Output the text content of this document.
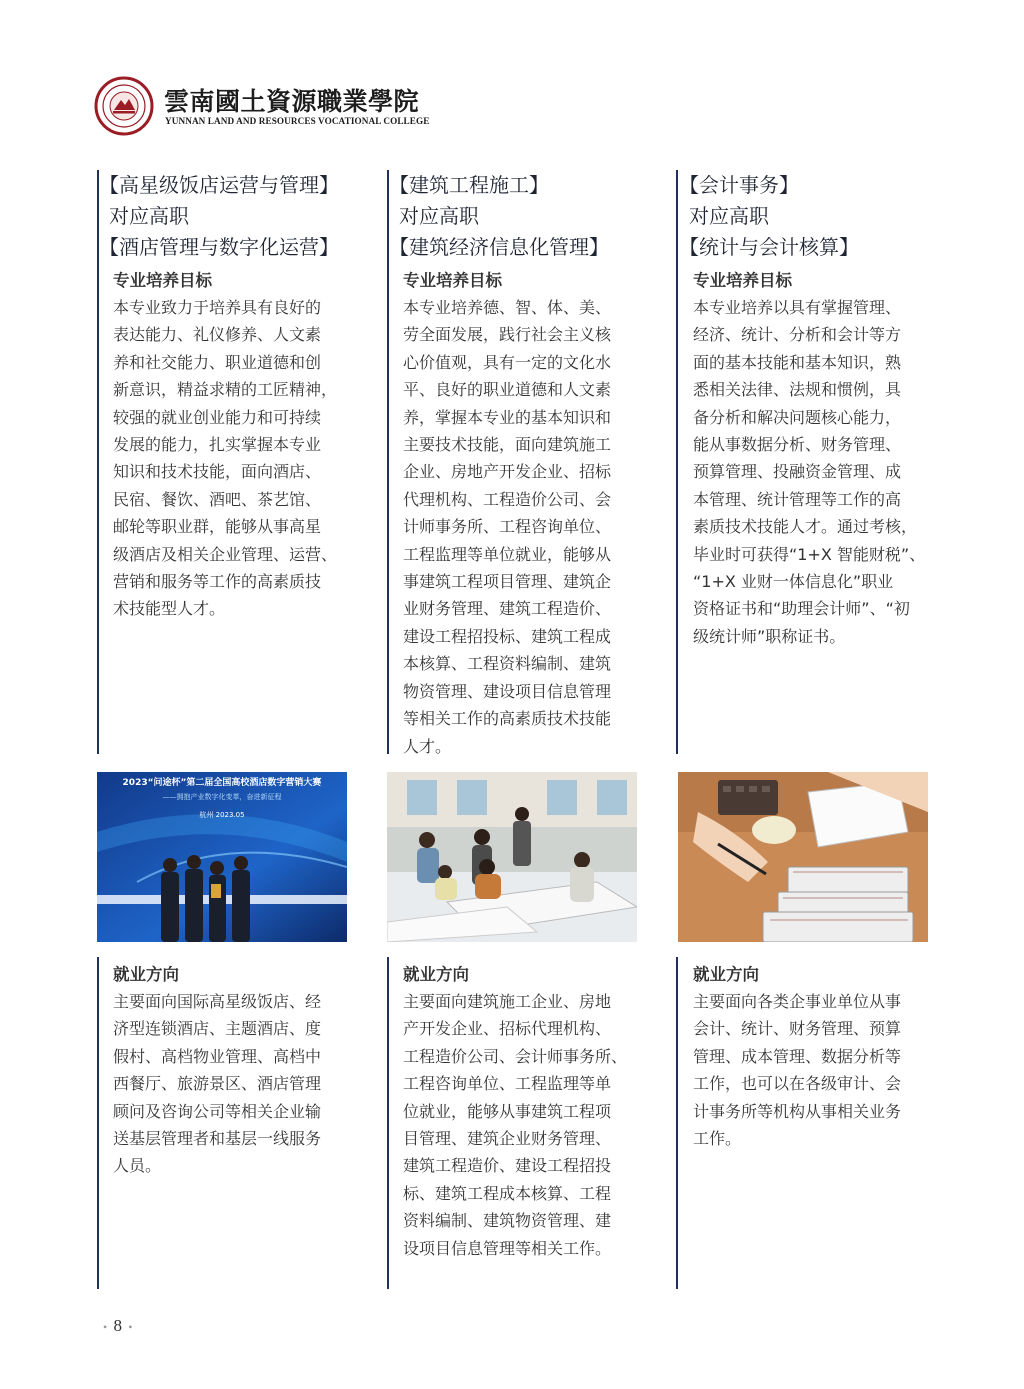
雲南國土資源職業學院
YUNNAN LAND AND RESOURCES VOCATIONAL COLLEGE
【高星级饭店运营与管理】
对应高职
【酒店管理与数字化运营】
专业培养目标
本专业致力于培养具有良好的
表达能力、礼仪修养、人文素
养和社交能力、职业道德和创
新意识，精益求精的工匠精神，
较强的就业创业能力和可持续
发展的能力，扎实掌握本专业
知识和技术技能，面向酒店、
民宿、餐饮、酒吧、茶艺馆、
邮轮等职业群，能够从事高星
级酒店及相关企业管理、运营、
营销和服务等工作的高素质技
术技能型人才。
【建筑工程施工】
对应高职
【建筑经济信息化管理】
专业培养目标
本专业培养德、智、体、美、
劳全面发展，践行社会主义核
心价值观，具有一定的文化水
平、良好的职业道德和人文素
养，掌握本专业的基本知识和
主要技术技能，面向建筑施工
企业、房地产开发企业、招标
代理机构、工程造价公司、会
计师事务所、工程咨询单位、
工程监理等单位就业，能够从
事建筑工程项目管理、建筑企
业财务管理、建筑工程造价、
建设工程招投标、建筑工程成
本核算、工程资料编制、建筑
物资管理、建设项目信息管理
等相关工作的高素质技术技能
人才。
【会计事务】
对应高职
【统计与会计核算】
专业培养目标
本专业培养以具有掌握管理、
经济、统计、分析和会计等方
面的基本技能和基本知识，熟
悉相关法律、法规和惯例，具
备分析和解决问题核心能力，
能从事数据分析、财务管理、
预算管理、投融资金管理、成
本管理、统计管理等工作的高
素质技术技能人才。通过考核，
毕业时可获得“1+X 智能财税”、
“1+X 业财一体信息化”职业
资格证书和“助理会计师”、“初
级统计师”职称证书。
2023“问途杯”第二届全国高校酒店数字营销大赛
——拥抱产业数字化变革，奋进新征程
杭州 2023.05
就业方向
主要面向国际高星级饭店、经
济型连锁酒店、主题酒店、度
假村、高档物业管理、高档中
西餐厅、旅游景区、酒店管理
顾问及咨询公司等相关企业输
送基层管理者和基层一线服务
人员。
就业方向
主要面向建筑施工企业、房地
产开发企业、招标代理机构、
工程造价公司、会计师事务所、
工程咨询单位、工程监理等单
位就业，能够从事建筑工程项
目管理、建筑企业财务管理、
建筑工程造价、建设工程招投
标、建筑工程成本核算、工程
资料编制、建筑物资管理、建
设项目信息管理等相关工作。
就业方向
主要面向各类企事业单位从事
会计、统计、财务管理、预算
管理、成本管理、数据分析等
工作，也可以在各级审计、会
计事务所等机构从事相关业务
工作。
• 8 •
